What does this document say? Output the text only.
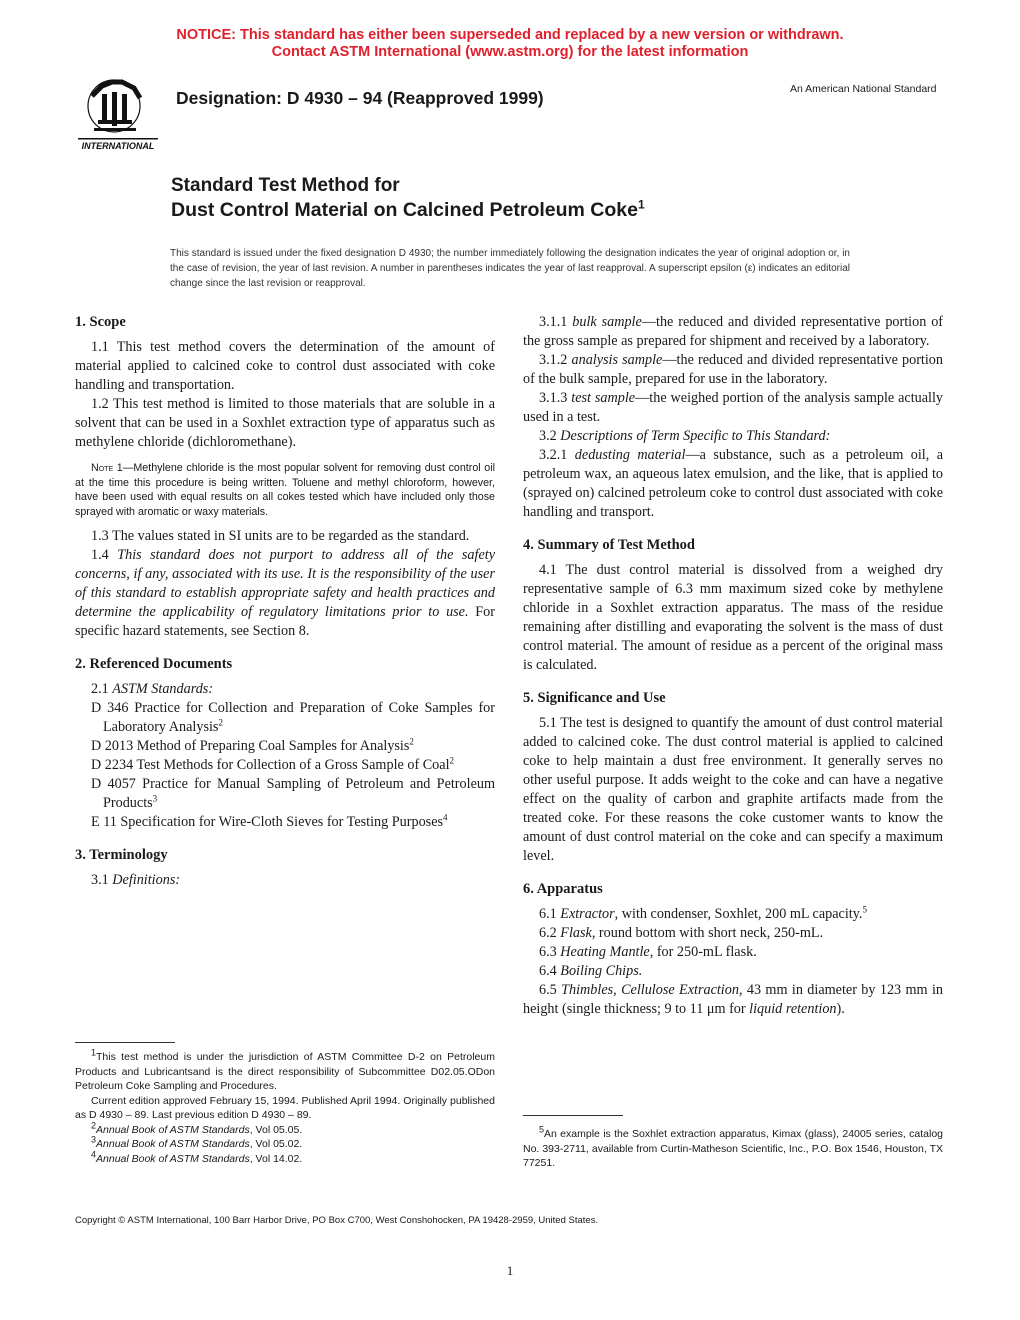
NOTICE: This standard has either been superseded and replaced by a new version or withdrawn.
Contact ASTM International (www.astm.org) for the latest information
INTERNATIONAL
Designation: D 4930 – 94 (Reapproved 1999)	An American National Standard
Standard Test Method for
Dust Control Material on Calcined Petroleum Coke$^1$
This standard is issued under the fixed designation D 4930; the number immediately following the designation indicates the year of original adoption or, in the case of revision, the year of last revision. A number in parentheses indicates the year of last reapproval. A superscript epsilon (ε) indicates an editorial change since the last revision or reapproval.
1. Scope

1.1 This test method covers the determination of the amount of material applied to calcined coke to control dust associated with coke handling and transportation.

1.2 This test method is limited to those materials that are soluble in a solvent that can be used in a Soxhlet extraction type of apparatus such as methylene chloride (dichloromethane).

Note 1—Methylene chloride is the most popular solvent for removing dust control oil at the time this procedure is being written. Toluene and methyl chloroform, however, have been used with equal results on all cokes tested which have included only those sprayed with aromatic or waxy materials.

1.3 The values stated in SI units are to be regarded as the standard.

1.4 This standard does not purport to address all of the safety concerns, if any, associated with its use. It is the responsibility of the user of this standard to establish appropriate safety and health practices and determine the applicability of regulatory limitations prior to use. For specific hazard statements, see Section 8.

2. Referenced Documents

2.1 ASTM Standards:

D 346 Practice for Collection and Preparation of Coke Samples for Laboratory Analysis$^2$

D 2013 Method of Preparing Coal Samples for Analysis$^2$

D 2234 Test Methods for Collection of a Gross Sample of Coal$^2$

D 4057 Practice for Manual Sampling of Petroleum and Petroleum Products$^3$

E 11 Specification for Wire-Cloth Sieves for Testing Purposes$^4$

3. Terminology

3.1 Definitions:

$^1$This test method is under the jurisdiction of ASTM Committee D-2 on Petroleum Products and Lubricantsand is the direct responsibility of Subcommittee D02.05.ODon Petroleum Coke Sampling and Procedures.

Current edition approved February 15, 1994. Published April 1994. Originally published as D 4930 – 89. Last previous edition D 4930 – 89.

$^2$Annual Book of ASTM Standards, Vol 05.05.

$^3$Annual Book of ASTM Standards, Vol 05.02.

$^4$Annual Book of ASTM Standards, Vol 14.02.

3.1.1 bulk sample—the reduced and divided representative portion of the gross sample as prepared for shipment and received by a laboratory.

3.1.2 analysis sample—the reduced and divided representative portion of the bulk sample, prepared for use in the laboratory.

3.1.3 test sample—the weighed portion of the analysis sample actually used in a test.

3.2 Descriptions of Term Specific to This Standard:

3.2.1 dedusting material—a substance, such as a petroleum oil, a petroleum wax, an aqueous latex emulsion, and the like, that is applied to (sprayed on) calcined petroleum coke to control dust associated with coke handling and transport.

4. Summary of Test Method

4.1 The dust control material is dissolved from a weighed dry representative sample of 6.3 mm maximum sized coke by methylene chloride in a Soxhlet extraction apparatus. The mass of the residue remaining after distilling and evaporating the solvent is the mass of dust control material. The amount of residue as a percent of the original mass is calculated.

5. Significance and Use

5.1 The test is designed to quantify the amount of dust control material added to calcined coke. The dust control material is applied to calcined coke to help maintain a dust free environment. It generally serves no other useful purpose. It adds weight to the coke and can have a negative effect on the quality of carbon and graphite artifacts made from the treated coke. For these reasons the coke customer wants to know the amount of dust control material on the coke and can specify a maximum level.

6. Apparatus

6.1 Extractor, with condenser, Soxhlet, 200 mL capacity.$^5$

6.2 Flask, round bottom with short neck, 250-mL.

6.3 Heating Mantle, for 250-mL flask.

6.4 Boiling Chips.

6.5 Thimbles, Cellulose Extraction, 43 mm in diameter by 123 mm in height (single thickness; 9 to 11 μm for liquid retention).

$^5$An example is the Soxhlet extraction apparatus, Kimax (glass), 24005 series, catalog No. 393-2711, available from Curtin-Matheson Scientific, Inc., P.O. Box 1546, Houston, TX 77251.

Copyright © ASTM International, 100 Barr Harbor Drive, PO Box C700, West Conshohocken, PA 19428-2959, United States.
1
